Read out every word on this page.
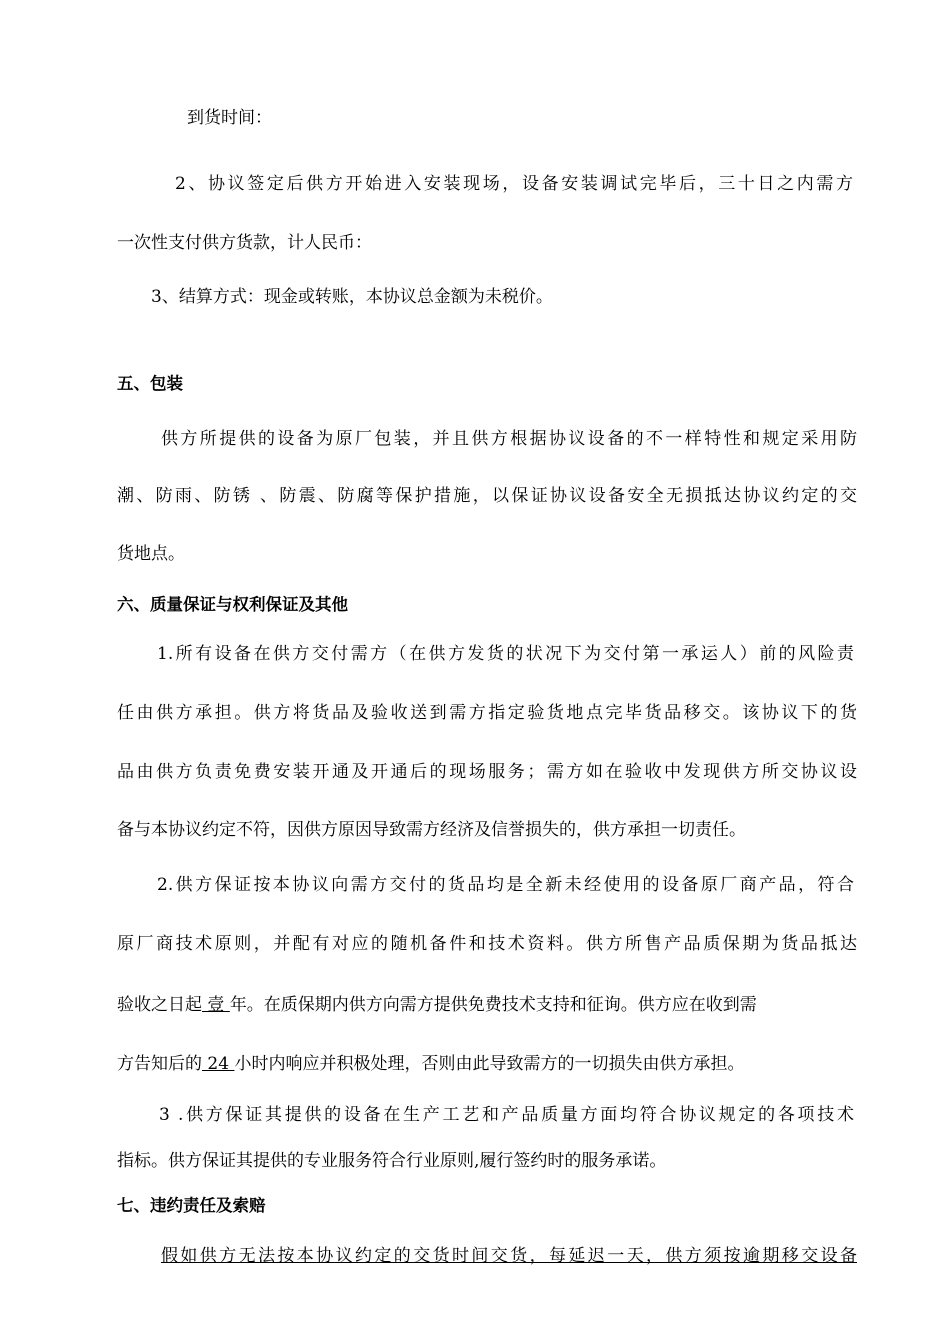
到货时间：
2、协议签定后供方开始进入安装现场，设备安装调试完毕后，三十日之内需方
一次性支付供方货款，计人民币：
3、结算方式：现金或转账，本协议总金额为未税价。
五、包装
供方所提供的设备为原厂包装，并且供方根据协议设备的不一样特性和规定采用防
潮、防雨、防锈 、防震、防腐等保护措施，以保证协议设备安全无损抵达协议约定的交
货地点。
六、质量保证与权利保证及其他
1.所有设备在供方交付需方（在供方发货的状况下为交付第一承运人）前的风险责
任由供方承担。供方将货品及验收送到需方指定验货地点完毕货品移交。该协议下的货
品由供方负责免费安装开通及开通后的现场服务；需方如在验收中发现供方所交协议设
备与本协议约定不符，因供方原因导致需方经济及信誉损失的，供方承担一切责任。
2.供方保证按本协议向需方交付的货品均是全新未经使用的设备原厂商产品，符合
原厂商技术原则，并配有对应的随机备件和技术资料。供方所售产品质保期为货品抵达
验收之日起 壹 年。在质保期内供方向需方提供免费技术支持和征询。供方应在收到需
方告知后的 24 小时内响应并积极处理，否则由此导致需方的一切损失由供方承担。
3 .供方保证其提供的设备在生产工艺和产品质量方面均符合协议规定的各项技术
指标。供方保证其提供的专业服务符合行业原则,履行签约时的服务承诺。
七、违约责任及索赔
假如供方无法按本协议约定的交货时间交货，每延迟一天，供方须按逾期移交设备
